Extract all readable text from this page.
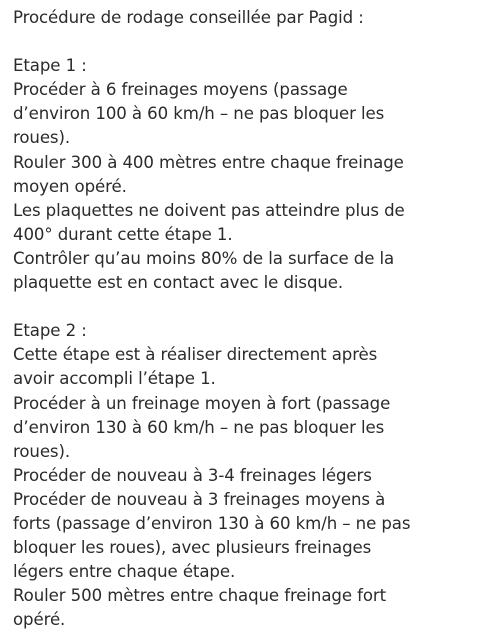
Procédure de rodage conseillée par Pagid :
Etape 1 :
Procéder à 6 freinages moyens (passage
d’environ 100 à 60 km/h – ne pas bloquer les
roues).
Rouler 300 à 400 mètres entre chaque freinage
moyen opéré.
Les plaquettes ne doivent pas atteindre plus de
400° durant cette étape 1.
Contrôler qu’au moins 80% de la surface de la
plaquette est en contact avec le disque.
Etape 2 :
Cette étape est à réaliser directement après
avoir accompli l’étape 1.
Procéder à un freinage moyen à fort (passage
d’environ 130 à 60 km/h – ne pas bloquer les
roues).
Procéder de nouveau à 3-4 freinages légers
Procéder de nouveau à 3 freinages moyens à
forts (passage d’environ 130 à 60 km/h – ne pas
bloquer les roues), avec plusieurs freinages
légers entre chaque étape.
Rouler 500 mètres entre chaque freinage fort
opéré.
